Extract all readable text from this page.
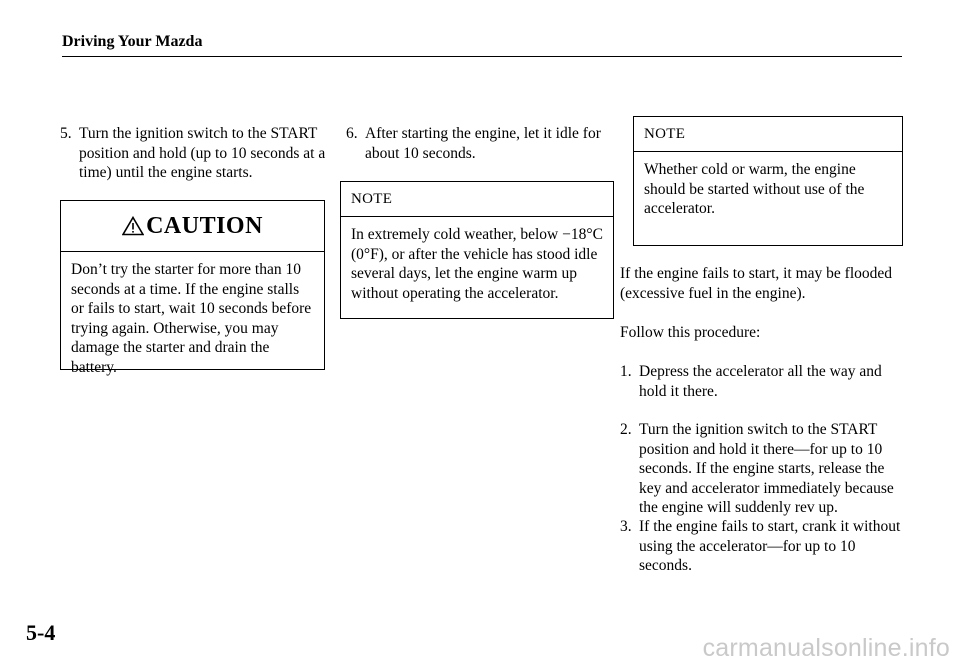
Driving Your Mazda
5. Turn the ignition switch to the START position and hold (up to 10 seconds at a time) until the engine starts.
CAUTION
Don’t try the starter for more than 10 seconds at a time. If the engine stalls or fails to start, wait 10 seconds before trying again. Otherwise, you may damage the starter and drain the battery.
6. After starting the engine, let it idle for about 10 seconds.
NOTE
In extremely cold weather, below −18°C (0°F), or after the vehicle has stood idle several days, let the engine warm up without operating the accelerator.
NOTE
Whether cold or warm, the engine should be started without use of the accelerator.
If the engine fails to start, it may be flooded (excessive fuel in the engine).
Follow this procedure:
1. Depress the accelerator all the way and hold it there.
2. Turn the ignition switch to the START position and hold it there—for up to 10 seconds. If the engine starts, release the key and accelerator immediately because the engine will suddenly rev up.
3. If the engine fails to start, crank it without using the accelerator—for up to 10 seconds.
5-4
carmanualsonline.info
